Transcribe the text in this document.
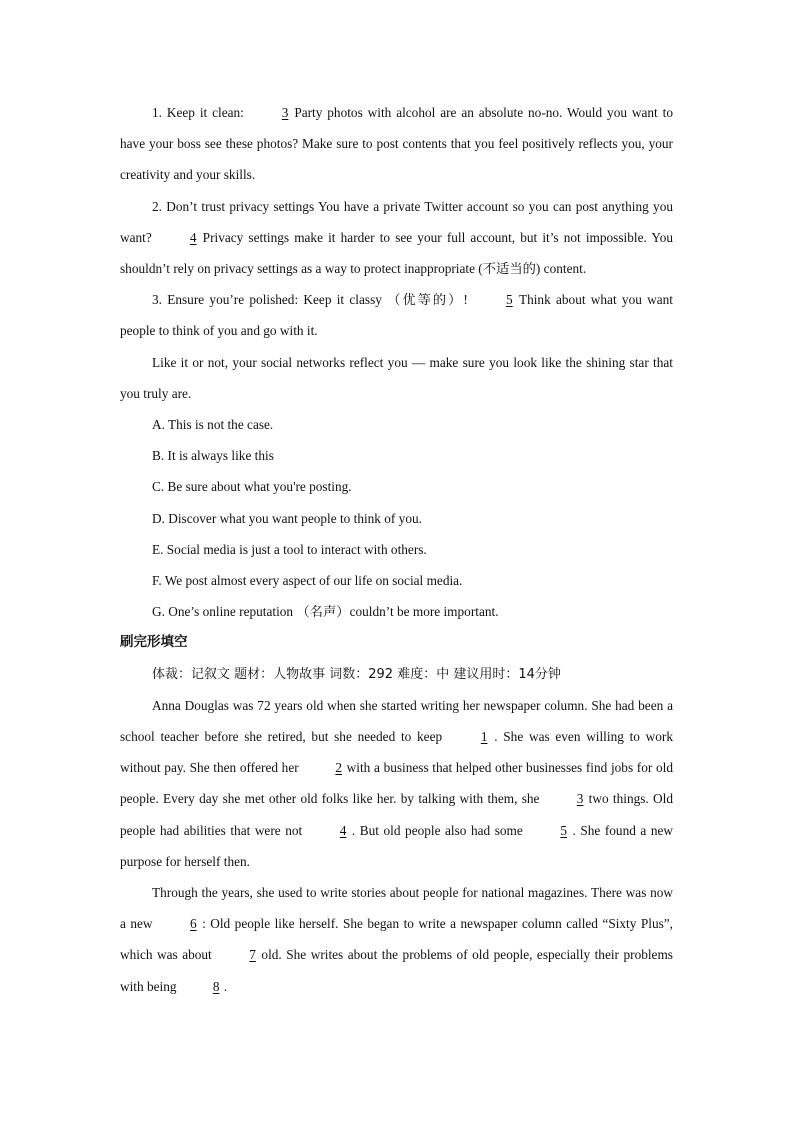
1. Keep it clean: 3 Party photos with alcohol are an absolute no-no. Would you want to have your boss see these photos? Make sure to post contents that you feel positively reflects you, your creativity and your skills.

2. Don’t trust privacy settings You have a private Twitter account so you can post anything you want? 4 Privacy settings make it harder to see your full account, but it’s not impossible. You shouldn’t rely on privacy settings as a way to protect inappropriate (不适当的) content.

3. Ensure you’re polished: Keep it classy （优等的）! 5 Think about what you want people to think of you and go with it.

Like it or not, your social networks reflect you — make sure you look like the shining star that you truly are.

A. This is not the case.

B. It is always like this

C. Be sure about what you're posting.

D. Discover what you want people to think of you.

E. Social media is just a tool to interact with others.

F. We post almost every aspect of our life on social media.

G. One’s online reputation （名声）couldn’t be more important.

刷完形填空
体裁：记叙文 题材：人物故事 词数：292 难度：中 建议用时：14分钟

Anna Douglas was 72 years old when she started writing her newspaper column. She had been a school teacher before she retired, but she needed to keep 1 . She was even willing to work without pay. She then offered her 2 with a business that helped other businesses find jobs for old people. Every day she met other old folks like her. by talking with them, she 3 two things. Old people had abilities that were not 4 . But old people also had some 5 . She found a new purpose for herself then.

Through the years, she used to write stories about people for national magazines. There was now a new 6 : Old people like herself. She began to write a newspaper column called “Sixty Plus”, which was about 7 old. She writes about the problems of old people, especially their problems with being 8 .
